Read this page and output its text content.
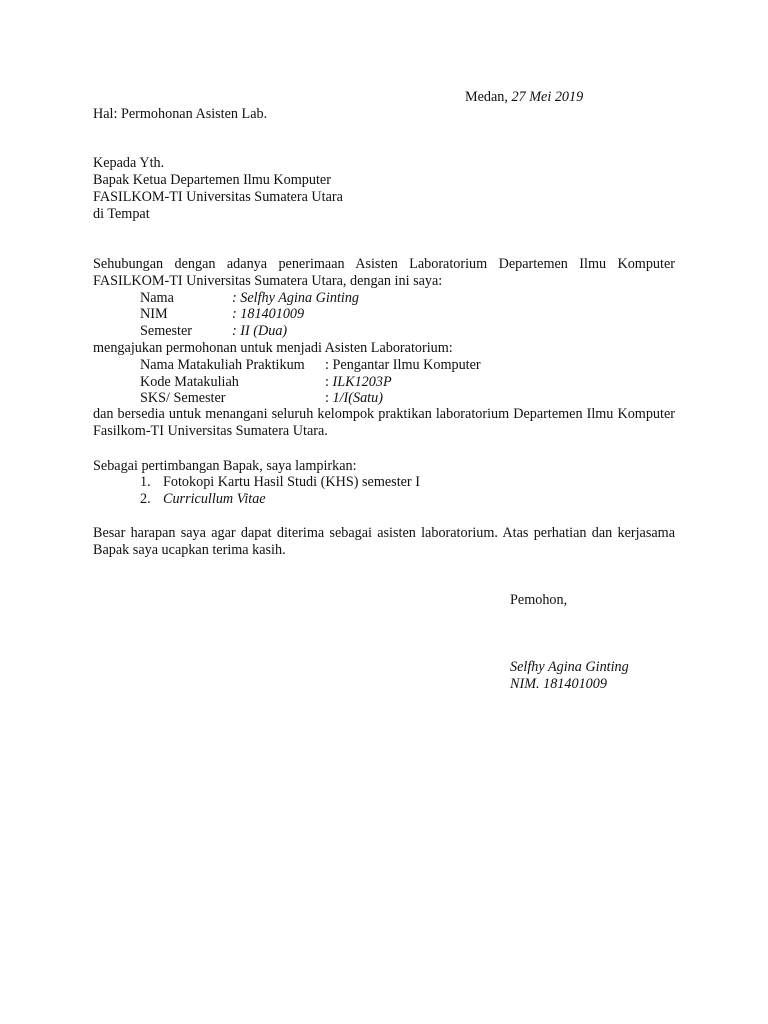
Medan, 27 Mei 2019
Hal: Permohonan Asisten Lab.
Kepada Yth.
Bapak Ketua Departemen Ilmu Komputer
FASILKOM-TI Universitas Sumatera Utara
di Tempat
Sehubungan dengan adanya penerimaan Asisten Laboratorium Departemen Ilmu Komputer FASILKOM-TI Universitas Sumatera Utara, dengan ini saya:
Nama	: Selfhy Agina Ginting
NIM	: 181401009
Semester	: II (Dua)
mengajukan permohonan untuk menjadi Asisten Laboratorium:
Nama Matakuliah Praktikum : Pengantar Ilmu Komputer
Kode Matakuliah	: ILK1203P
SKS/ Semester	: 1/I(Satu)
dan bersedia untuk menangani seluruh kelompok praktikan laboratorium Departemen Ilmu Komputer Fasilkom-TI Universitas Sumatera Utara.
Sebagai pertimbangan Bapak, saya lampirkan:
1. Fotokopi Kartu Hasil Studi (KHS) semester I
2. Curricullum Vitae
Besar harapan saya agar dapat diterima sebagai asisten laboratorium. Atas perhatian dan kerjasama Bapak saya ucapkan terima kasih.
Pemohon,
Selfhy Agina Ginting
NIM. 181401009
